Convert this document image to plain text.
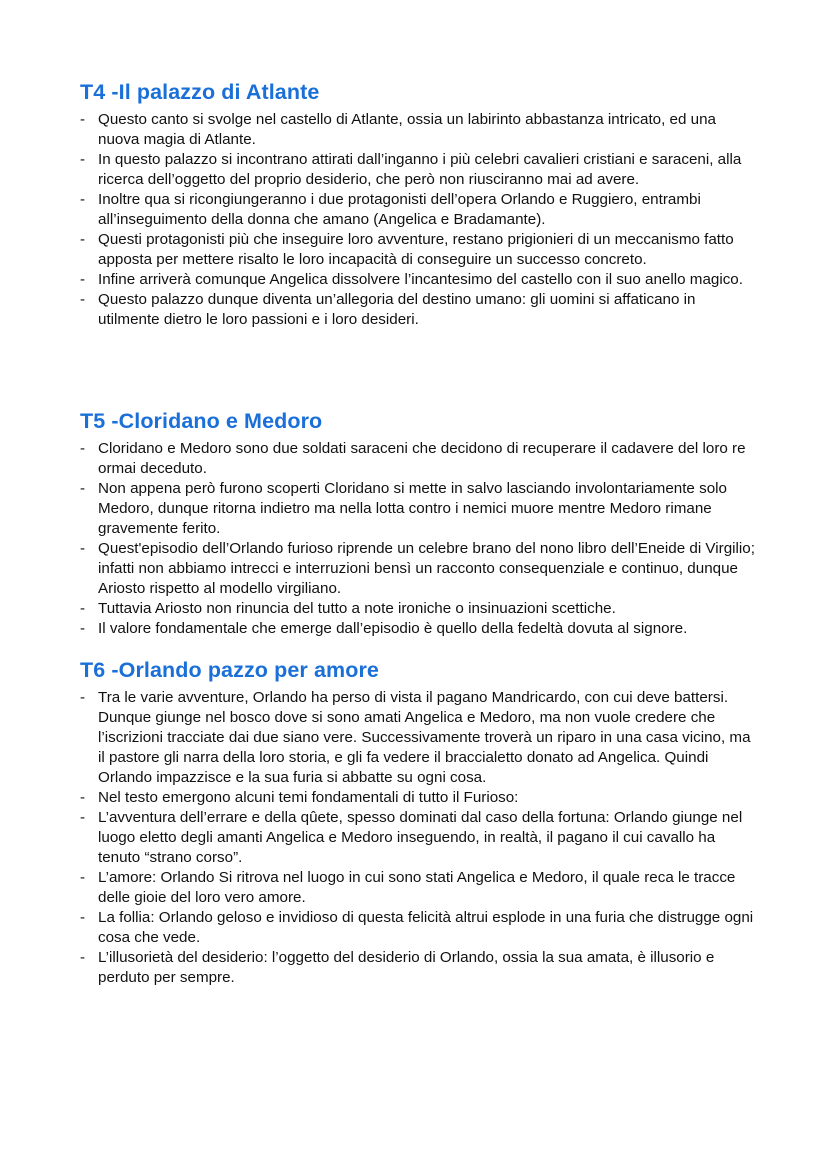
T4 -Il palazzo di Atlante
- Questo canto si svolge nel castello di Atlante, ossia un labirinto abbastanza intricato, ed una nuova magia di Atlante.
- In questo palazzo si incontrano attirati dall’inganno i più celebri cavalieri cristiani e saraceni, alla ricerca dell’oggetto del proprio desiderio, che però non riusciranno mai ad avere.
- Inoltre qua si ricongiungeranno i due protagonisti dell’opera Orlando e Ruggiero, entrambi all’inseguimento della donna che amano (Angelica e Bradamante).
- Questi protagonisti più che inseguire loro avventure, restano prigionieri di un meccanismo fatto apposta per mettere risalto le loro incapacità di conseguire un successo concreto.
- Infine arriverà comunque Angelica dissolvere l’incantesimo del castello con il suo anello magico.
- Questo palazzo dunque diventa un’allegoria del destino umano: gli uomini si affaticano in utilmente dietro le loro passioni e i loro desideri.
T5 -Cloridano e Medoro
- Cloridano e Medoro sono due soldati saraceni che decidono di recuperare il cadavere del loro re ormai deceduto.
- Non appena però furono scoperti Cloridano si mette in salvo lasciando involontariamente solo Medoro, dunque ritorna indietro ma nella lotta contro i nemici muore mentre Medoro rimane gravemente ferito.
- Quest'episodio dell’Orlando furioso riprende un celebre brano del nono libro dell’Eneide di Virgilio; infatti non abbiamo intrecci e interruzioni bensì un racconto consequenziale e continuo, dunque Ariosto rispetto al modello virgiliano.
- Tuttavia Ariosto non rinuncia del tutto a note ironiche o insinuazioni scettiche.
- Il valore fondamentale che emerge dall’episodio è quello della fedeltà dovuta al signore.
T6 -Orlando pazzo per amore
- Tra le varie avventure, Orlando ha perso di vista il pagano Mandricardo, con cui deve battersi. Dunque giunge nel bosco dove si sono amati Angelica e Medoro, ma non vuole credere che l’iscrizioni tracciate dai due siano vere. Successivamente troverà un riparo in una casa vicino, ma il pastore gli narra della loro storia, e gli fa vedere il braccialetto donato ad Angelica. Quindi Orlando impazzisce e la sua furia si abbatte su ogni cosa.
- Nel testo emergono alcuni temi fondamentali di tutto il Furioso:
- L’avventura dell’errare e della qûete, spesso dominati dal caso della fortuna: Orlando giunge nel luogo eletto degli amanti Angelica e Medoro inseguendo, in realtà, il pagano il cui cavallo ha tenuto “strano corso”.
- L’amore: Orlando Si ritrova nel luogo in cui sono stati Angelica e Medoro, il quale reca le tracce delle gioie del loro vero amore.
- La follia: Orlando geloso e invidioso di questa felicità altrui esplode in una furia che distrugge ogni cosa che vede.
- L’illusorietà del desiderio: l’oggetto del desiderio di Orlando, ossia la sua amata, è illusorio e perduto per sempre.
